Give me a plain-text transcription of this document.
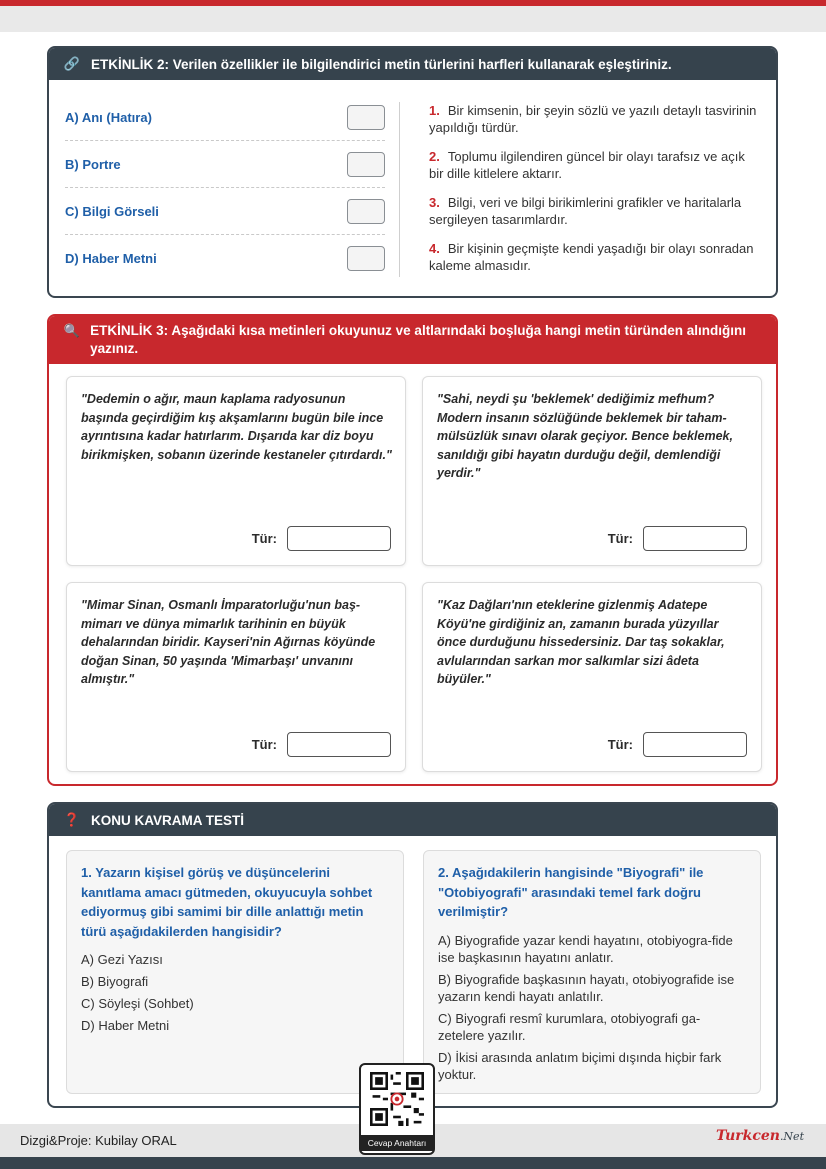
🔗 ETKİNLİK 2: Verilen özellikler ile bilgilendirici metin türlerini harfleri kullanarak eşleştiriniz.
A) Anı (Hatıra)
B) Portre
C) Bilgi Görseli
D) Haber Metni

1. Bir kimsenin, bir şeyin sözlü ve yazılı detaylı tasvirinin yapıldığı türdür.

2. Toplumu ilgilendiren güncel bir olayı tarafsız ve açık bir dille kitlelere aktarır.

3. Bilgi, veri ve bilgi birikimlerini grafikler ve haritalarla sergileyen tasarımlardır.

4. Bir kişinin geçmişte kendi yaşadığı bir olayı sonradan kaleme almasıdır.

🔍 ETKİNLİK 3: Aşağıdaki kısa metinleri okuyunuz ve altlarındaki boşluğa hangi metin türünden alındığını yazınız.

"Dedemin o ağır, maun kaplama radyosunun başında geçirdiğim kış akşamlarını bugün bile ince ayrıntısına kadar hatırlarım. Dışarıda kar diz boyu birikmişken, sobanın üzerinde kestaneler çıtırdardı."

Tür:

"Sahi, neydi şu 'beklemek' dediğimiz mefhum? Modern insanın sözlüğünde beklemek bir taham-mülsüzlük sınavı olarak geçiyor. Bence beklemek, sanıldığı gibi hayatın durduğu değil, demlendiği yerdir."

Tür:

"Mimar Sinan, Osmanlı İmparatorluğu'nun baş-mimarı ve dünya mimarlık tarihinin en büyük dehalarından biridir. Kayseri'nin Ağırnas köyünde doğan Sinan, 50 yaşında 'Mimarbaşı' unvanını almıştır."

Tür:

"Kaz Dağları'nın eteklerine gizlenmiş Adatepe Köyü'ne girdiğiniz an, zamanın burada yüzyıllar önce durduğunu hissedersiniz. Dar taş sokaklar, avlularından sarkan mor salkımlar sizi âdeta büyüler."

Tür:
❓ KONU KAVRAMA TESTİ

1. Yazarın kişisel görüş ve düşüncelerini kanıtlama amacı gütmeden, okuyucuyla sohbet ediyormuş gibi samimi bir dille anlattığı metin türü aşağıdakilerden hangisidir?

A) Gezi Yazısı

B) Biyografi

C) Söyleşi (Sohbet)

D) Haber Metni

2. Aşağıdakilerin hangisinde "Biyografi" ile "Otobiyografi" arasındaki temel fark doğru verilmiştir?

A) Biyografide yazar kendi hayatını, otobiyogra-fide ise başkasının hayatını anlatır.

B) Biyografide başkasının hayatı, otobiyografide ise yazarın kendi hayatı anlatılır.

C) Biyografi resmî kurumlara, otobiyografi ga-zetelere yazılır.

D) İkisi arasında anlatım biçimi dışında hiçbir fark yoktur.

Dizgi&Proje: Kubilay ORAL	Turkcen.Net
Cevap Anahtarı
